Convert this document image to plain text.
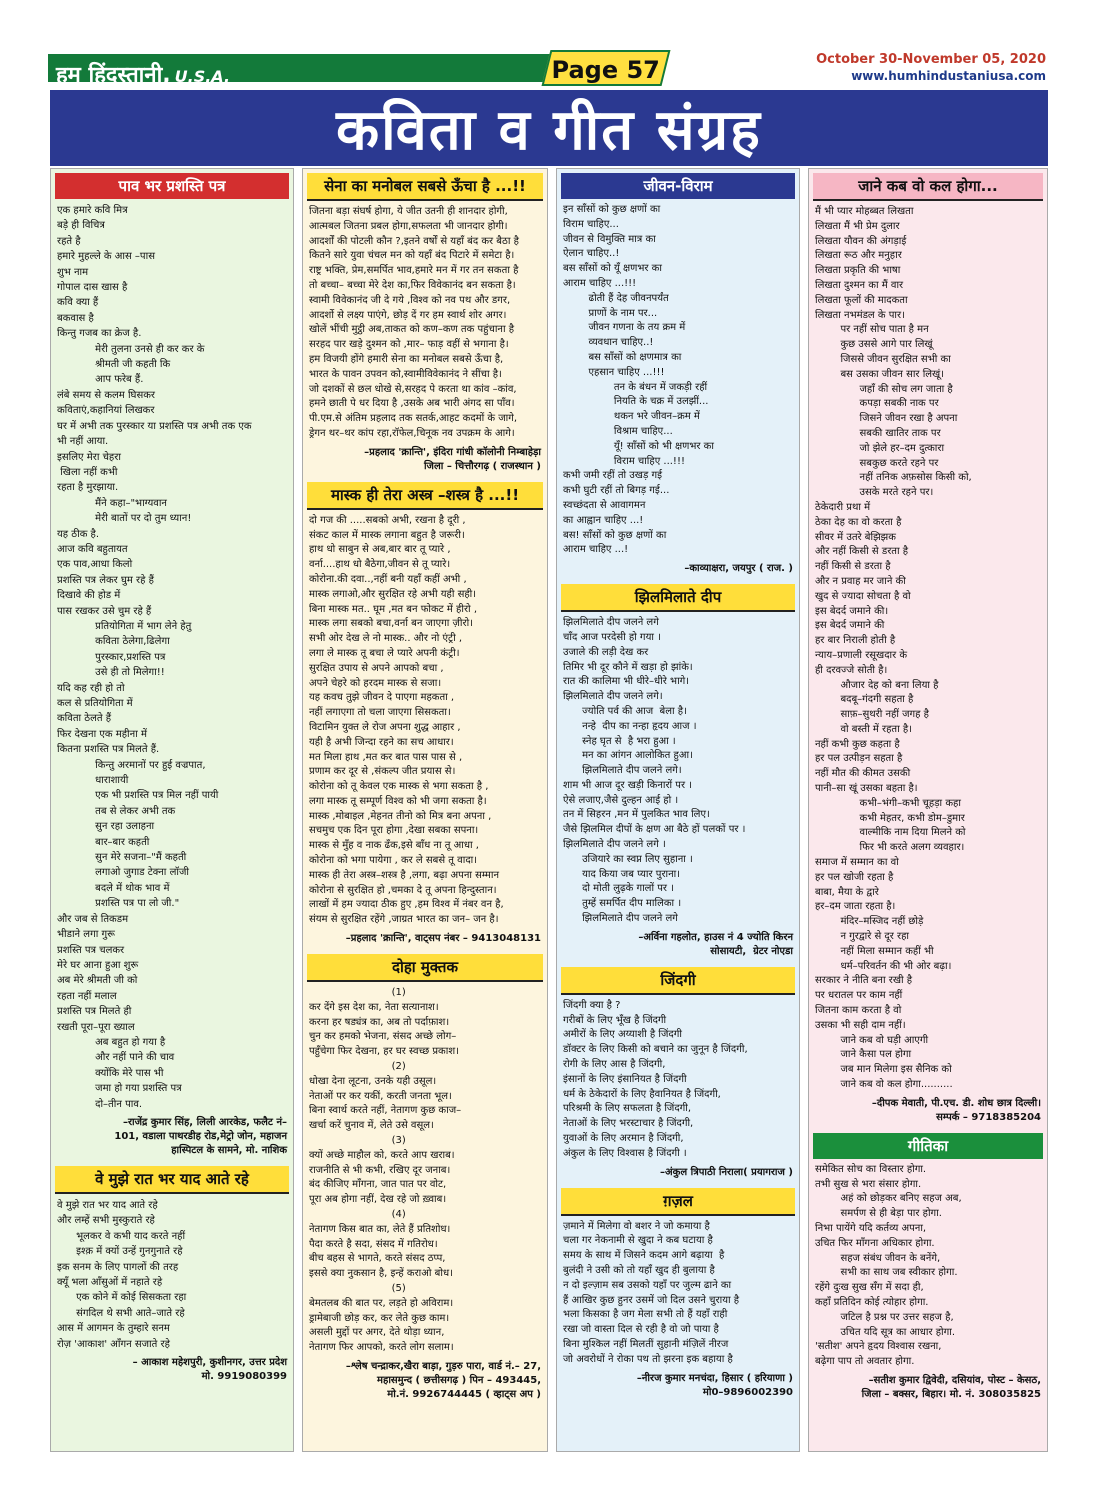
हम हिंदुस्तानी, U.S.A.	Page 57	October 30-November 05, 2020
www.humhindustaniusa.com
कविता व गीत संग्रह
पाव भर प्रशस्ति पत्र
एक हमारे कवि मित्र
बड़े ही विचित्र
रहते है
हमारे मुहल्ले के आस –पास
शुभ नाम
गोपाल दास खास है
कवि क्या हैं
बकवास है
किन्तु गजब का क्रेज है.
मेरी तुलना उनसे ही कर कर के
श्रीमती जी कहती कि
आप फरेब हैं.
लंबे समय से कलम घिसकर
कविताएं,कहानियां लिखकर
घर में अभी तक पुरस्कार या प्रशस्ति पत्र अभी तक एक
भी नहीं आया.
इसलिए मेरा चेहरा
खिला नहीं कभी
रहता है मुरझाया.
मैंने कहा–"भाग्यवान
मेरी बातों पर दो तुम ध्यान!
यह ठीक है.
आज कवि बहुतायत
एक पाव,आधा किलो
प्रशस्ति पत्र लेकर घुम रहे हैं
दिखावे की होड में
पास रखकर उसे चुम रहे हैं
प्रतियोगिता में भाग लेने हेतु
कविता ठेलेगा,ढिलेगा
पुरस्कार,प्रशस्ति पत्र
उसे ही तो मिलेगा!!
यदि कह रही हो तो
कल से प्रतियोगिता में
कविता ठेलते हैं
फिर देखना एक महीना में
कितना प्रशस्ति पत्र मिलते हैं.
किन्तु अरमानों पर हुई वज्रपात,
धाराशायी
एक भी प्रशस्ति पत्र मिल नहीं पायी
तब से लेकर अभी तक
सुन रहा उलाहना
बार–बार कहती
सुन मेरे सजना–"मैं कहती
लगाओ जुगाड टेक्ना लॉजी
बदले में थोक भाव में
प्रशस्ति पत्र पा लो जी."
और जब से तिकडम
भीडाने लगा गुरू
प्रशस्ति पत्र चलकर
मेरे घर आना हुआ शुरू
अब मेरे श्रीमती जी को
रहता नहीं मलाल
प्रशस्ति पत्र मिलते ही
रखती पूरा–पूरा ख्याल
अब बहुत हो गया है
और नहीं पाने की चाव
क्योंकि मेरे पास भी
जमा हो गया प्रशस्ति पत्र
दो–तीन पाव.
–राजेंद्र कुमार सिंह, लिली आरकेड, फलैट नं–
101, वडाला पाथरडीह रोड,मेट्रो जोन, महाजन
हास्पिटल के सामने, मो. नाशिक
वे मुझे रात भर याद आते रहे
वे मुझे रात भर याद आते रहे
और लम्हें सभी मुस्कुराते रहे
भूलकर वे कभी याद करते नहीं
इश्क़ में क्यों उन्हें गुनगुनाते रहे
इक सनम के लिए पागलों की तरह
क्यूँ भला आँसुओं में नहाते रहे
एक कोने में कोई सिसकता रहा
संगदिल थे सभी आते–जाते रहे
आस में आगमन के तुम्हारे सनम
रोज़ 'आकाश' आँगन सजाते रहे
– आकाश महेशपुरी, कुशीनगर, उत्तर प्रदेश
मो. 9919080399
सेना का मनोबल सबसे ऊँचा है ...!!
जितना बड़ा संघर्ष होगा, ये जीत उतनी ही शानदार होगी,
आत्मबल जितना प्रबल होगा,सफलता भी जानदार होगी।
आदर्शों की पोटली कौन ?,इतने वर्षों से यहाँ बंद कर बैठा है
कितने सारे युवा चंचल मन को यहाँ बंद पिटारे में समेटा है।
राष्ट्र भक्ति, प्रेम,समर्पित भाव,हमारे मन में गर तन सकता है
तो बच्चा– बच्चा मेरे देश का,फिर विवेकानंद बन सकता है।
स्वामी विवेकानंद जी दे गये ,विश्व को नव पथ और डगर,
आदर्शो से लक्ष्य पाएंगे, छोड़ दें गर हम स्वार्थ शोर अगर।
खोलें भींची मुट्ठी अब,ताकत को कण–कण तक पहुंचाना है
सरहद पार खड़े दुश्मन को ,मार– फाड़ वहीं से भगाना है।
हम विजयी होंगे हमारी सेना का मनोबल सबसे ऊँचा है,
भारत के पावन उपवन को,स्वामीविवेकानंद ने सींचा है।
जो दशकों से छल धोखे से,सरहद पे करता था कांव –कांव,
हमने छाती पे धर दिया है ,उसके अब भारी अंगद सा पाँव।
पी.एम.से अंतिम प्रहलाद तक सतर्क,आहट कदमों के जागे,
ड्रेगन थर–थर कांप रहा,रॉफेल,चिनूक नव उपक्रम के आगे।
–प्रहलाद 'क्रान्ति', इंदिरा गांधी कॉलोनी निम्बाहेड़ा
जिला – चित्तौरगढ़ ( राजस्थान )
मास्क ही तेरा अस्त्र –शस्त्र है ...!!
दो गज की .....सबको अभी, रखना है दूरी ,
संकट काल में मास्क लगाना बहुत है जरूरी।
हाथ धो साबुन से अब,बार बार तू प्यारे ,
वर्ना....हाथ धो बैठेगा,जीवन से तू प्यारे।
कोरोना.की दवा..,नहीं बनी यहाँ कहीं अभी ,
मास्क लगाओ,और सुरक्षित रहे अभी यही सही।
बिना मास्क मत.. घूम ,मत बन फोकट में हीरो ,
मास्क लगा सबको बचा,वर्ना बन जाएगा ज़ीरो।
सभी ओर देख ले नो मास्क.. और नो एंट्री ,
लगा ले मास्क तू बचा ले प्यारे अपनी कंट्री।
सुरक्षित उपाय से अपने आपको बचा ,
अपने चेहरे को हरदम मास्क से सजा।
यह कवच तुझे जीवन दे पाएगा महकता ,
नहीं लगाएगा तो चला जाएगा सिसकता।
विटामिन युक्त ले रोज अपना शुद्ध आहार ,
यही है अभी जिन्दा रहने का सच आधार।
मत मिला हाथ ,मत कर बात पास पास से ,
प्रणाम कर दूर से ,संकल्प जीत प्रयास से।
कोरोना को तू केवल एक मास्क से भगा सकता है ,
लगा मास्क तू सम्पूर्ण विश्व को भी जगा सकता है।
मास्क ,मोबाइल ,मेहनत तीनो को मित्र बना अपना ,
सचमुच एक दिन पूरा होगा ,देखा सबका सपना।
मास्क से मुँह व नाक ढँक,इसे बाँध ना तू आधा ,
कोरोना को भगा पायेगा , कर ले सबसे तू वादा।
मास्क ही तेरा अस्त्र–शस्त्र है ,लगा, बढ़ा अपना सम्मान
कोरोना से सुरक्षित हो ,चमका दे तू अपना हिन्दुस्तान।
लाखों में हम ज्यादा ठीक हुए ,हम विश्व में नंबर वन है,
संयम से सुरक्षित रहेंगे ,जाग्रत भारत का जन– जन है।
–प्रहलाद 'क्रान्ति', वाट्सप नंबर – 9413048131
दोहा मुक्तक
(1)
कर देंगे इस देश का, नेता सत्यानाश।
करना हर षड्यंत्र का, अब तो पर्दाफ़ाश।
चुन कर हमको भेजना, संसद अच्छे लोग–
पहुँचेगा फिर देखना, हर घर स्वच्छ प्रकाश।
(2)
धोखा देना लूटना, उनके यही उसूल।
नेताओं पर कर यकीं, करती जनता भूल।
बिना स्वार्थ करते नहीं, नेतागण कुछ काज–
खर्चा करें चुनाव में, लेते उसे वसूल।
(3)
क्यों अच्छे माहौल को, करते आप खराब।
राजनीति से भी कभी, रखिए दूर जनाब।
बंद कीजिए माँगना, जात पात पर वोट,
पूरा अब होगा नहीं, देख रहे जो ख़्वाब।
(4)
नेतागण किस बात का, लेते हैं प्रतिशोध।
पैदा करते है सदा, संसद में गतिरोध।
बीच बहस से भागते, करते संसद ठप्प,
इससे क्या नुकसान है, इन्हें कराओ बोध।
(5)
बेमतलब की बात पर, लड़ते हो अविराम।
ड्रामेबाजी छोड़ कर, कर लेते कुछ काम।
असली मुद्दों पर अगर, देते थोड़ा ध्यान,
नेतागण फिर आपको, करते लोग सलाम।
–श्लेष चन्द्राकर,खैरा बाड़ा, गुड़रु पारा, वार्ड नं.– 27,
महासमुन्द ( छत्तीसगढ़ ) पिन – 493445,
मो.नं. 9926744445 ( व्हाट्स अप )
जीवन-विराम
इन साँसों को कुछ क्षणों का
विराम चाहिए...
जीवन से विमुक्ति मात्र का
ऐलान चाहिए..!
बस साँसों को यूँ क्षणभर का
आराम चाहिए ...!!!
ढोती हैं देह जीवनपर्यंत
प्राणों के नाम पर...
जीवन गणना के तय क्रम में
व्यवधान चाहिए..!
बस साँसों को क्षणमात्र का
एहसान चाहिए ...!!!
तन के बंधन में जकड़ी रहीं
नियति के चक्र में उलझीं...
थकन भरे जीवन–क्रम में
विश्राम चाहिए...
यूँ! साँसों को भी क्षणभर का
विराम चाहिए ...!!!
कभी जमी रहीं तो उखड़ गई
कभी घुटी रहीं तो बिगड़ गई...
स्वच्छंदता से आवागमन
का आह्वान चाहिए ...!
बस! साँसों को कुछ क्षणों का
आराम चाहिए ...!
–काव्याक्षरा, जयपुर ( राज. )
झिलमिलाते दीप
झिलमिलाते दीप जलने लगे
चाँद आज परदेसी हो गया ।
उजाले की लड़ी देख कर
तिमिर भी दूर कौने में खड़ा हो झांके।
रात की कालिमा भी धीरे–धीरे भागे।
झिलमिलाते दीप जलने लगे।
ज्योति पर्व की आज  बेला है।
नन्हे  दीप का नन्हा हृदय आज ।
स्नेह घृत से  है भरा हुआ ।
मन का आंगन आलोकित हुआ।
झिलमिलाते दीप जलने लगे।
शाम भी आज दूर खड़ी किनारों पर ।
ऐसे लजाए,जैसे दुल्हन आई हो ।
तन में सिहरन ,मन में पुलकित भाव लिए।
जैसे झिलमिल दीपों के क्षण आ बैठे हों पलकों पर ।
झिलमिलाते दीप जलने लगे ।
उजियारे का स्वप्न लिए सुहाना ।
याद किया जब प्यार पुराना।
दो मोती लुढ़के गालों पर ।
तुम्हें समर्पित दीप मालिका ।
झिलमिलाते दीप जलने लगे
–अर्विना गहलोत, हाउस नं 4 ज्योति किरन
सोसायटी,  ग्रेटर नोएडा
जिंदगी
जिंदगी क्या है ?
गरीबों के लिए भूँख है जिंदगी
अमीरों के लिए अय्याशी है जिंदगी
डॉक्टर के लिए किसी को बचाने का जुनून है जिंदगी,
रोगी के लिए आस है जिंदगी,
इंसानों के लिए इंसानियत है जिंदगी
धर्म के ठेकेदारों के लिए हैवानियत है जिंदगी,
परिश्रमी के लिए सफलता है जिंदगी,
नेताओं के लिए भरस्टाचार है जिंदगी,
युवाओं के लिए अरमान है जिंदगी,
अंकुल के लिए विश्वास है जिंदगी ।
–अंकुल त्रिपाठी निराला( प्रयागराज )
ग़ज़ल
ज़माने में मिलेगा वो बशर ने जो कमाया है
चला गर नेकनामी से खुदा ने कब घटाया है
समय के साथ में जिसने कदम आगे बढ़ाया  है
बुलंदी ने उसी को तो यहाँ खुद ही बुलाया है
न दो इल्ज़ाम सब उसको यहाँ पर जुल्म ढाने का
हैं आखिर कुछ हुनर उसमें जो दिल उसने चुराया है
भला किसका है जग मेला सभी तो हैं यहाँ राही
रखा जो वास्ता दिल से रही है वो जो पाया है
बिना मुश्किल नहीं मिलतीं सुहानी मंज़िलें नीरज
जो अवरोधों ने रोका पथ तो झरना इक बहाया है
–नीरज कुमार मनचंदा, हिसार ( हरियाणा )
मो0–9896002390
जाने कब वो कल होगा...
मैं भी प्यार मोहब्बत लिखता
लिखता मैं भी प्रेम दुलार
लिखता यौवन की अंगड़ाई
लिखता रूठ और मनुहार
लिखता प्रकृति की भाषा
लिखता दुश्मन का मैं वार
लिखता फूलों की मादकता
लिखता नभमंडल के पार।
पर नहीं सोच पाता है मन
कुछ उससे आगे पार लिखूं
जिससे जीवन सुरक्षित सभी का
बस उसका जीवन सार लिखूं।
जहाँ की सोच लग जाता है
कपड़ा सबकी नाक पर
जिसने जीवन रखा है अपना
सबकी खातिर ताक पर
जो झेले हर–दम दुत्कारा
सबकुछ करते रहने पर
नहीं तनिक अफ़सोस किसी को,
उसके मरते रहने पर।
ठेकेदारी प्रथा में
ठेका देह का वो करता है
सीवर में उतरे बेझिझक
और नहीं किसी से डरता है
नहीं किसी से डरता है
और न प्रवाह मर जाने की
खुद से ज्यादा सोचता है वो
इस बेदर्द जमाने की।
इस बेदर्द जमाने की
हर बार निराली होती है
न्याय–प्रणाली रसूखदार के
ही दरवज्जे सोती है।
औजार देह को बना लिया है
बदबू–गंदगी सहता है
साफ़–सुथरी नहीं जगह है
वो बस्ती में रहता है।
नहीं कभी कुछ कहता है
हर पल उत्पीड़न सहता है
नहीं मौत की कीमत उसकी
पानी–सा खूं उसका बहता है।
कभी–भंगी–कभी चूहड़ा कहा
कभी मेहतर, कभी डोम–डुमार
वाल्मीकि नाम दिया मिलने को
फिर भी करते अलग व्यवहार।
समाज में सम्मान का वो
हर पल खोजी रहता है
बाबा, मैया के द्वारे
हर–दम जाता रहता है।
मंदिर–मस्जिद नहीं छोड़े
न गुरद्वारे से दूर रहा
नहीं मिला सम्मान कहीं भी
धर्म–परिवर्तन की भी ओर बढ़ा।
सरकार ने नीति बना रखी है
पर धरातल पर काम नहीं
जितना काम करता है वो
उसका भी सही दाम नहीं।
जाने कब वो घड़ी आएगी
जाने कैसा पल होगा
जब मान मिलेगा इस सैनिक को
जाने कब वो कल होगा..........
–दीपक मेवाती, पी.एच. डी. शोध छात्र दिल्ली।
सम्पर्क – 9718385204
गीतिका
समेकित सोच का विस्तार होगा.
तभी सुख से भरा संसार होगा.
अहं को छोड़कर बनिए सहज अब,
समर्पण से ही बेड़ा पार होगा.
निभा पायेंगे यदि कर्तव्य अपना,
उचित फिर माँगना अधिकार होगा.
सहज संबंध जीवन के बनेंगे,
सभी का साथ जब स्वीकार होगा.
रहेंगे दुःख सुख सँग में सदा ही,
कहाँ प्रतिदिन कोई त्योहार होगा.
जटिल है प्रश्न पर उत्तर सहज है,
उचित यदि सूत्र का आधार होगा.
'सतीश' अपने हृदय विश्वास रखना,
बढ़ेगा पाप तो अवतार होगा.
–सतीश कुमार द्विवेदी, दसियांव, पोस्ट – केसठ,
जिला – बक्सर, बिहार। मो. नं. 308035825
